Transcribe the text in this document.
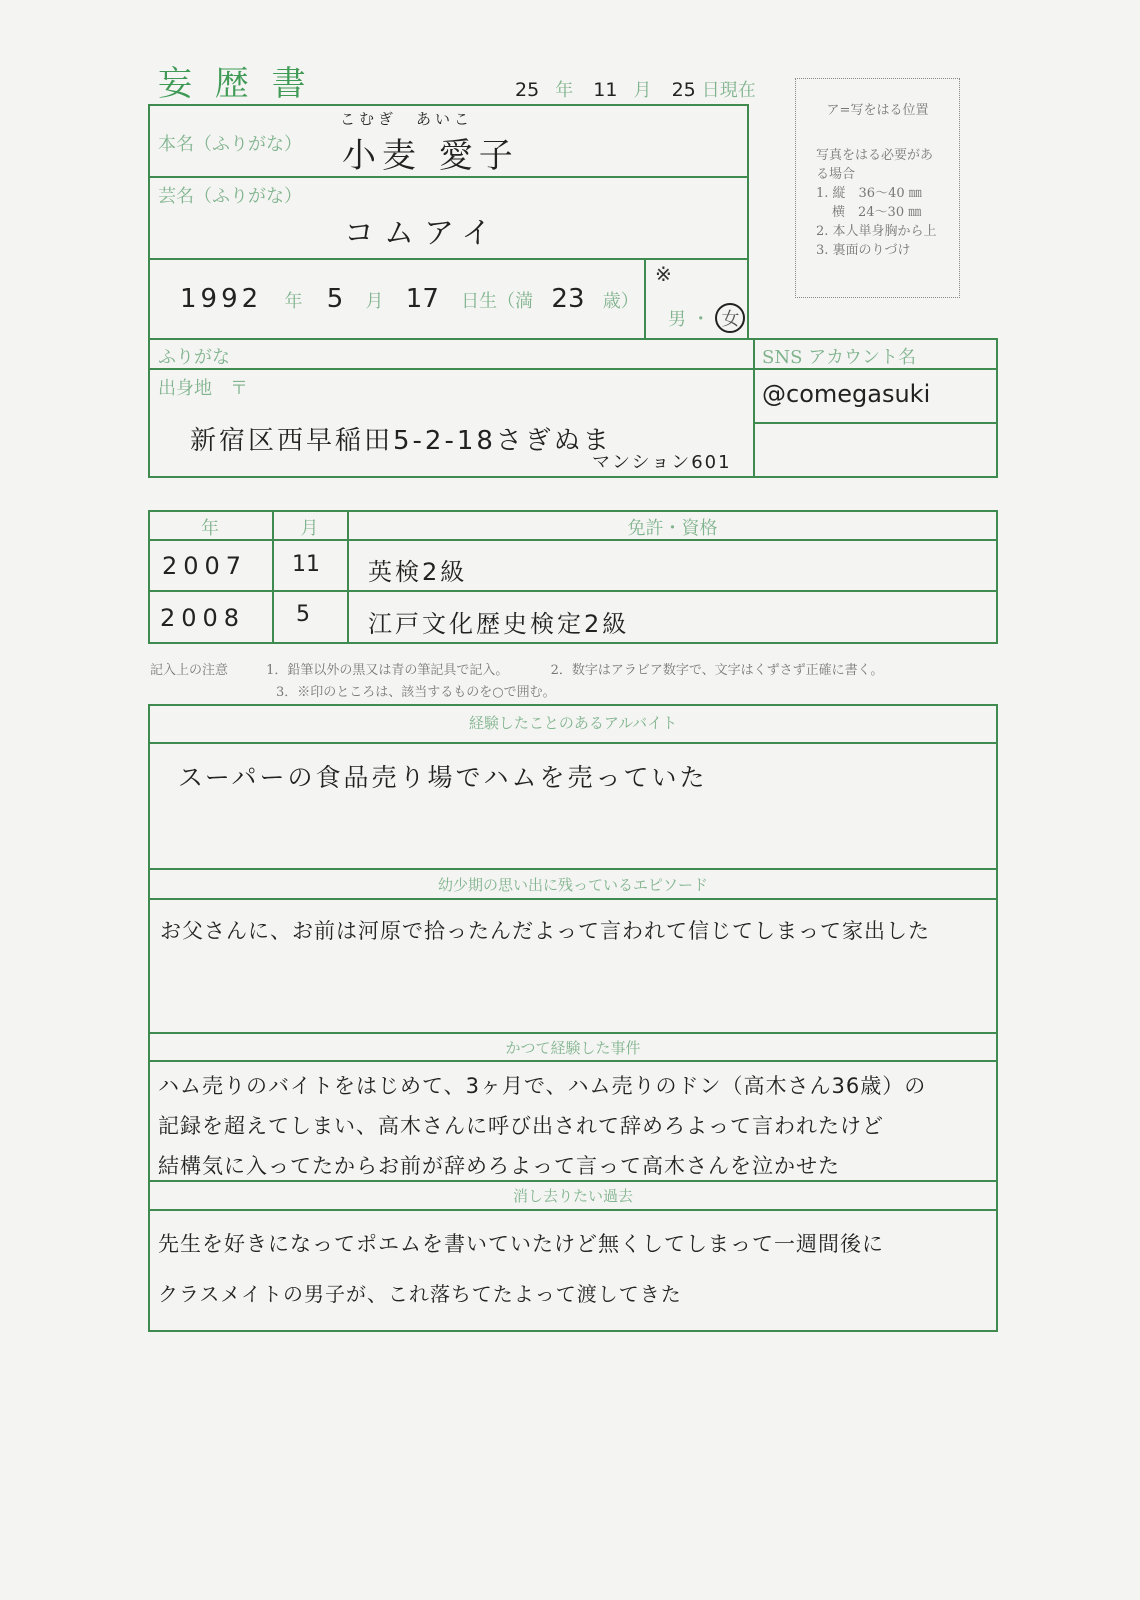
妄 歴 書	25 年 11 月 25 日現在
ア=写をはる位置
写真をはる必要があ
る場合
1. 縦　36〜40 ㎜
横　24〜30 ㎜
2. 本人単身胸から上
3. 裏面のりづけ
本名（ふりがな）
こむぎ　あいこ
小麦 愛子
芸名（ふりがな）
コムアイ
1992 年 5 月 17 日生（満 23 歳）
※
男 ・ 女
ふりがな
出身地　〒
新宿区西早稲田5-2-18さぎぬま
マンション601
SNS アカウント名
@comegasuki
年	月	免許・資格
2007 11 英検2級
2008 5 江戸文化歴史検定2級
記入上の注意	1．鉛筆以外の黒又は青の筆記具で記入。	2．数字はアラビア数字で、文字はくずさず正確に書く。
3．※印のところは、該当するものを○で囲む。
経験したことのあるアルバイト
スーパーの食品売り場でハムを売っていた
幼少期の思い出に残っているエピソード
お父さんに、お前は河原で拾ったんだよって言われて信じてしまって家出した
かつて経験した事件
ハム売りのバイトをはじめて、3ヶ月で、ハム売りのドン（高木さん36歳）の
記録を超えてしまい、高木さんに呼び出されて辞めろよって言われたけど
結構気に入ってたからお前が辞めろよって言って高木さんを泣かせた
消し去りたい過去
先生を好きになってポエムを書いていたけど無くしてしまって一週間後に
クラスメイトの男子が、これ落ちてたよって渡してきた
